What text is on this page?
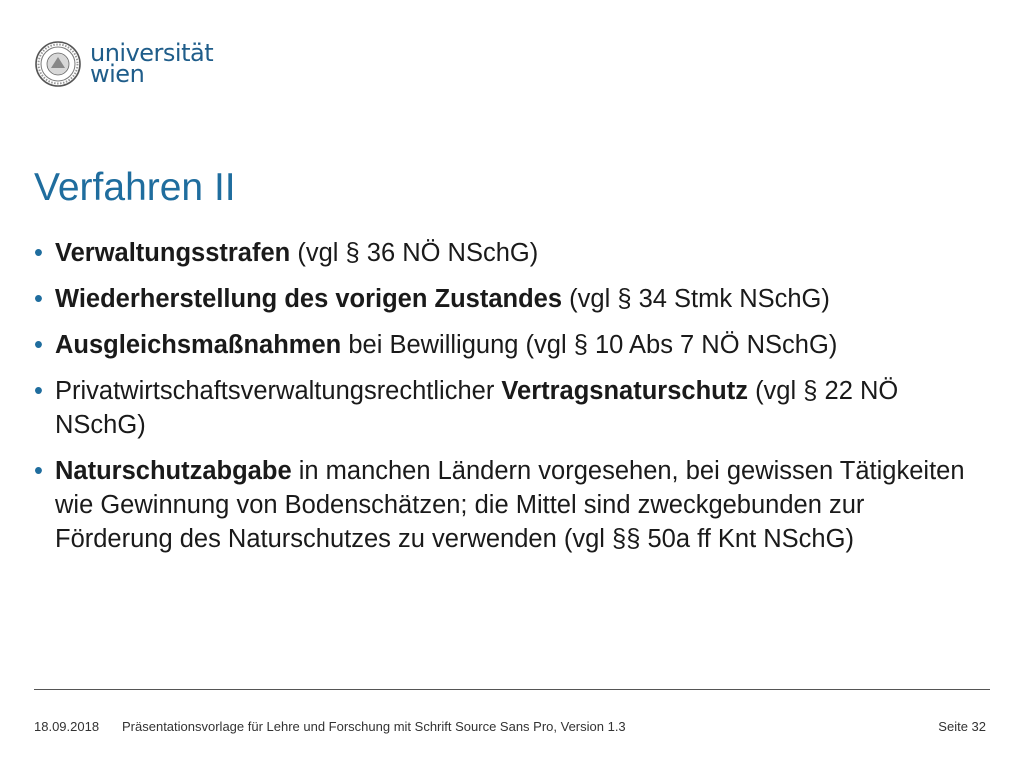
universität
wien
Verfahren II
• Verwaltungsstrafen (vgl § 36 NÖ NSchG)
• Wiederherstellung des vorigen Zustandes (vgl § 34 Stmk NSchG)
• Ausgleichsmaßnahmen bei Bewilligung (vgl § 10 Abs 7 NÖ NSchG)
• Privatwirtschaftsverwaltungsrechtlicher Vertragsnaturschutz (vgl § 22 NÖ NSchG)
• Naturschutzabgabe in manchen Ländern vorgesehen, bei gewissen Tätigkeiten wie Gewinnung von Bodenschätzen; die Mittel sind zweckgebunden zur Förderung des Naturschutzes zu verwenden (vgl §§ 50a ff Knt NSchG)
18.09.2018 Präsentationsvorlage für Lehre und Forschung mit Schrift Source Sans Pro, Version 1.3	Seite 32
